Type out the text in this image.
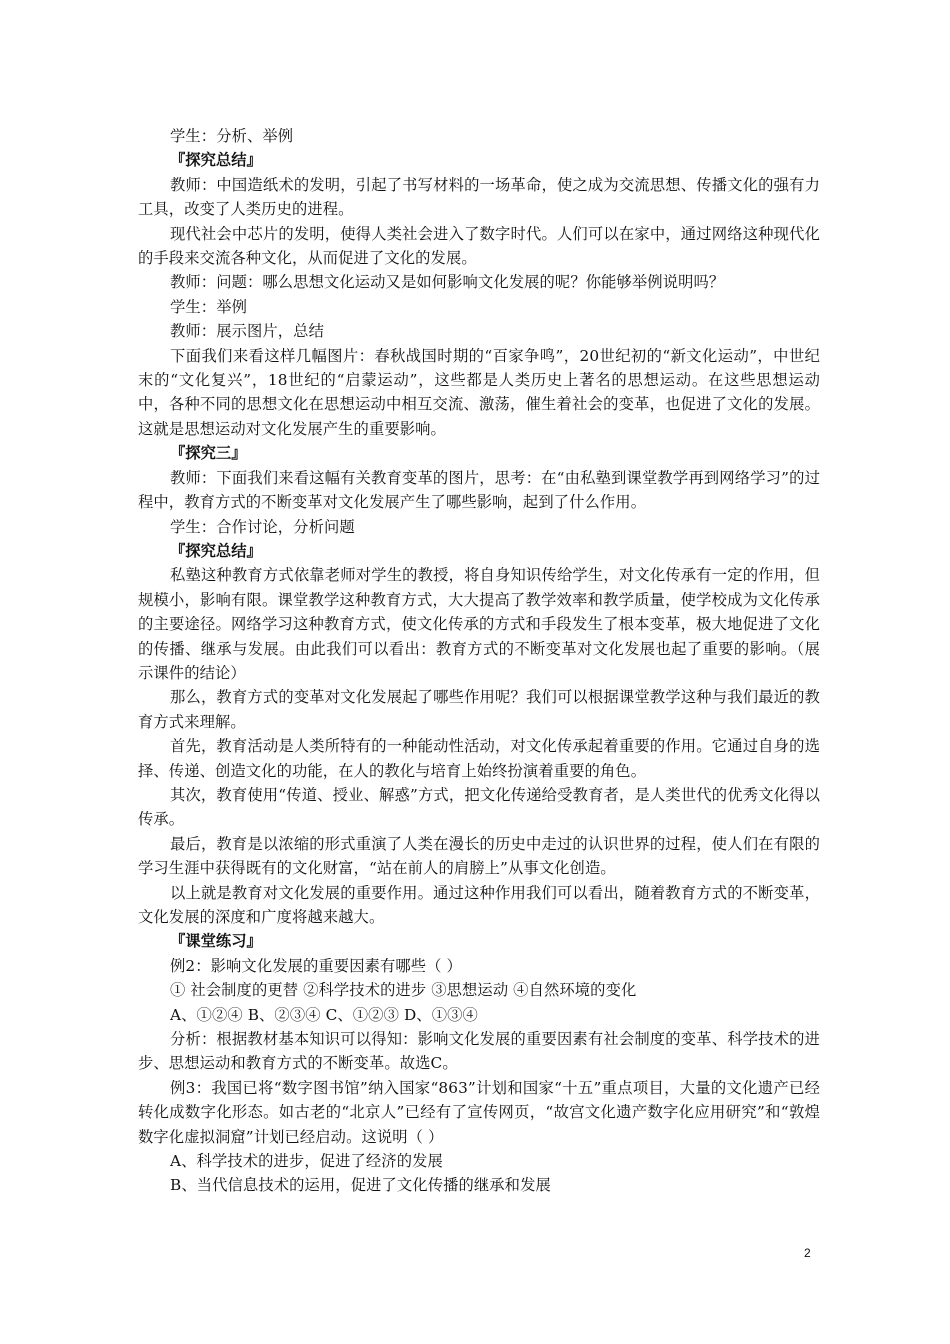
学生：分析、举例

『探究总结』

教师：中国造纸术的发明，引起了书写材料的一场革命，使之成为交流思想、传播文化的强有力工具，改变了人类历史的进程。

现代社会中芯片的发明，使得人类社会进入了数字时代。人们可以在家中，通过网络这种现代化的手段来交流各种文化，从而促进了文化的发展。

教师：问题：哪么思想文化运动又是如何影响文化发展的呢？你能够举例说明吗？

学生：举例

教师：展示图片，总结

下面我们来看这样几幅图片：春秋战国时期的“百家争鸣”，20世纪初的“新文化运动”，中世纪末的“文化复兴”，18世纪的“启蒙运动”，这些都是人类历史上著名的思想运动。在这些思想运动中，各种不同的思想文化在思想运动中相互交流、激荡，催生着社会的变革，也促进了文化的发展。这就是思想运动对文化发展产生的重要影响。

『探究三』

教师：下面我们来看这幅有关教育变革的图片，思考：在“由私塾到课堂教学再到网络学习”的过程中，教育方式的不断变革对文化发展产生了哪些影响，起到了什么作用。

学生：合作讨论，分析问题

『探究总结』

私塾这种教育方式依靠老师对学生的教授，将自身知识传给学生，对文化传承有一定的作用，但规模小，影响有限。课堂教学这种教育方式，大大提高了教学效率和教学质量，使学校成为文化传承的主要途径。网络学习这种教育方式，使文化传承的方式和手段发生了根本变革，极大地促进了文化的传播、继承与发展。由此我们可以看出：教育方式的不断变革对文化发展也起了重要的影响。（展示课件的结论）

那么，教育方式的变革对文化发展起了哪些作用呢？我们可以根据课堂教学这种与我们最近的教育方式来理解。

首先，教育活动是人类所特有的一种能动性活动，对文化传承起着重要的作用。它通过自身的选择、传递、创造文化的功能，在人的教化与培育上始终扮演着重要的角色。

其次，教育使用“传道、授业、解惑”方式，把文化传递给受教育者，是人类世代的优秀文化得以传承。

最后，教育是以浓缩的形式重演了人类在漫长的历史中走过的认识世界的过程，使人们在有限的学习生涯中获得既有的文化财富，“站在前人的肩膀上”从事文化创造。

以上就是教育对文化发展的重要作用。通过这种作用我们可以看出，随着教育方式的不断变革，文化发展的深度和广度将越来越大。

『课堂练习』

例2：影响文化发展的重要因素有哪些（ ）

① 社会制度的更替 ②科学技术的进步 ③思想运动 ④自然环境的变化

A、①②④ B、②③④ C、①②③ D、①③④

分析：根据教材基本知识可以得知：影响文化发展的重要因素有社会制度的变革、科学技术的进步、思想运动和教育方式的不断变革。故选C。

例3：我国已将“数字图书馆”纳入国家“863”计划和国家“十五”重点项目，大量的文化遗产已经转化成数字化形态。如古老的“北京人”已经有了宣传网页，“故宫文化遗产数字化应用研究”和“敦煌数字化虚拟洞窟”计划已经启动。这说明（ ）

A、科学技术的进步，促进了经济的发展

B、当代信息技术的运用，促进了文化传播的继承和发展

2
